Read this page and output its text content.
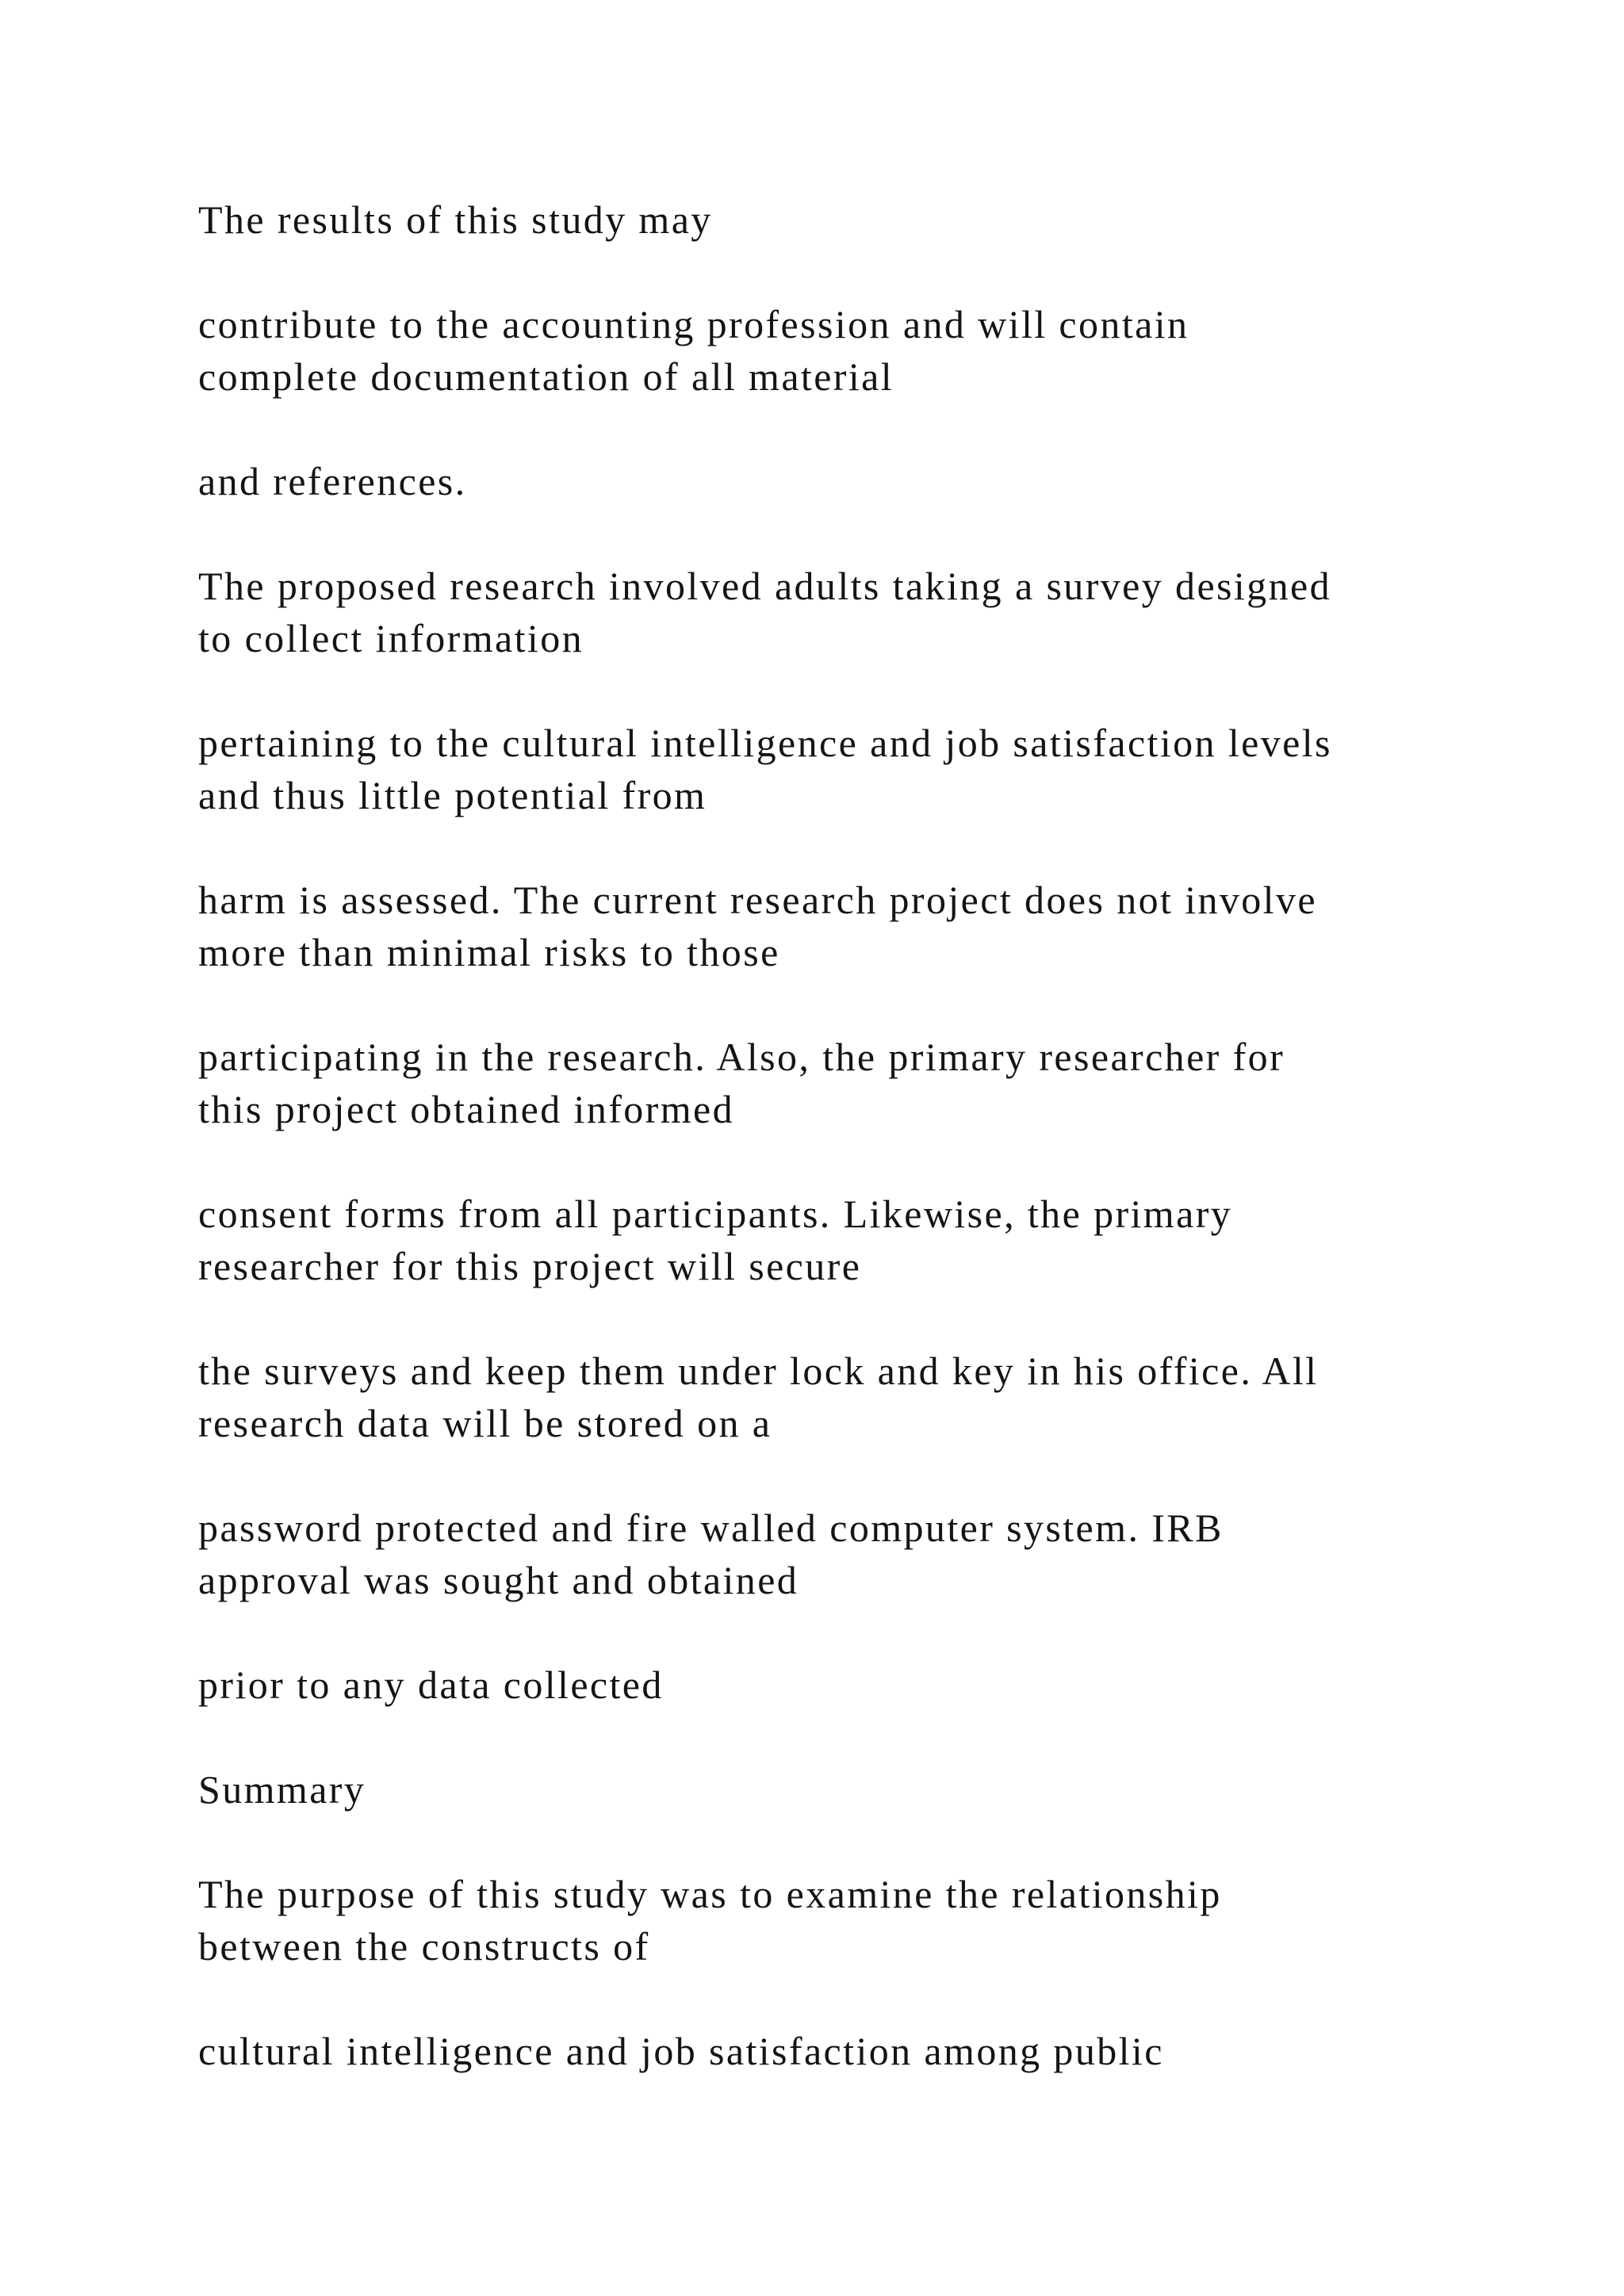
The results of this study may

contribute to the accounting profession and will contain
complete documentation of all material

and references.

The proposed research involved adults taking a survey designed
to collect information

pertaining to the cultural intelligence and job satisfaction levels
and thus little potential from

harm is assessed. The current research project does not involve
more than minimal risks to those

participating in the research. Also, the primary researcher for
this project obtained informed

consent forms from all participants. Likewise, the primary
researcher for this project will secure

the surveys and keep them under lock and key in his office. All
research data will be stored on a

password protected and fire walled computer system. IRB
approval was sought and obtained

prior to any data collected

Summary

The purpose of this study was to examine the relationship
between the constructs of

cultural intelligence and job satisfaction among public
